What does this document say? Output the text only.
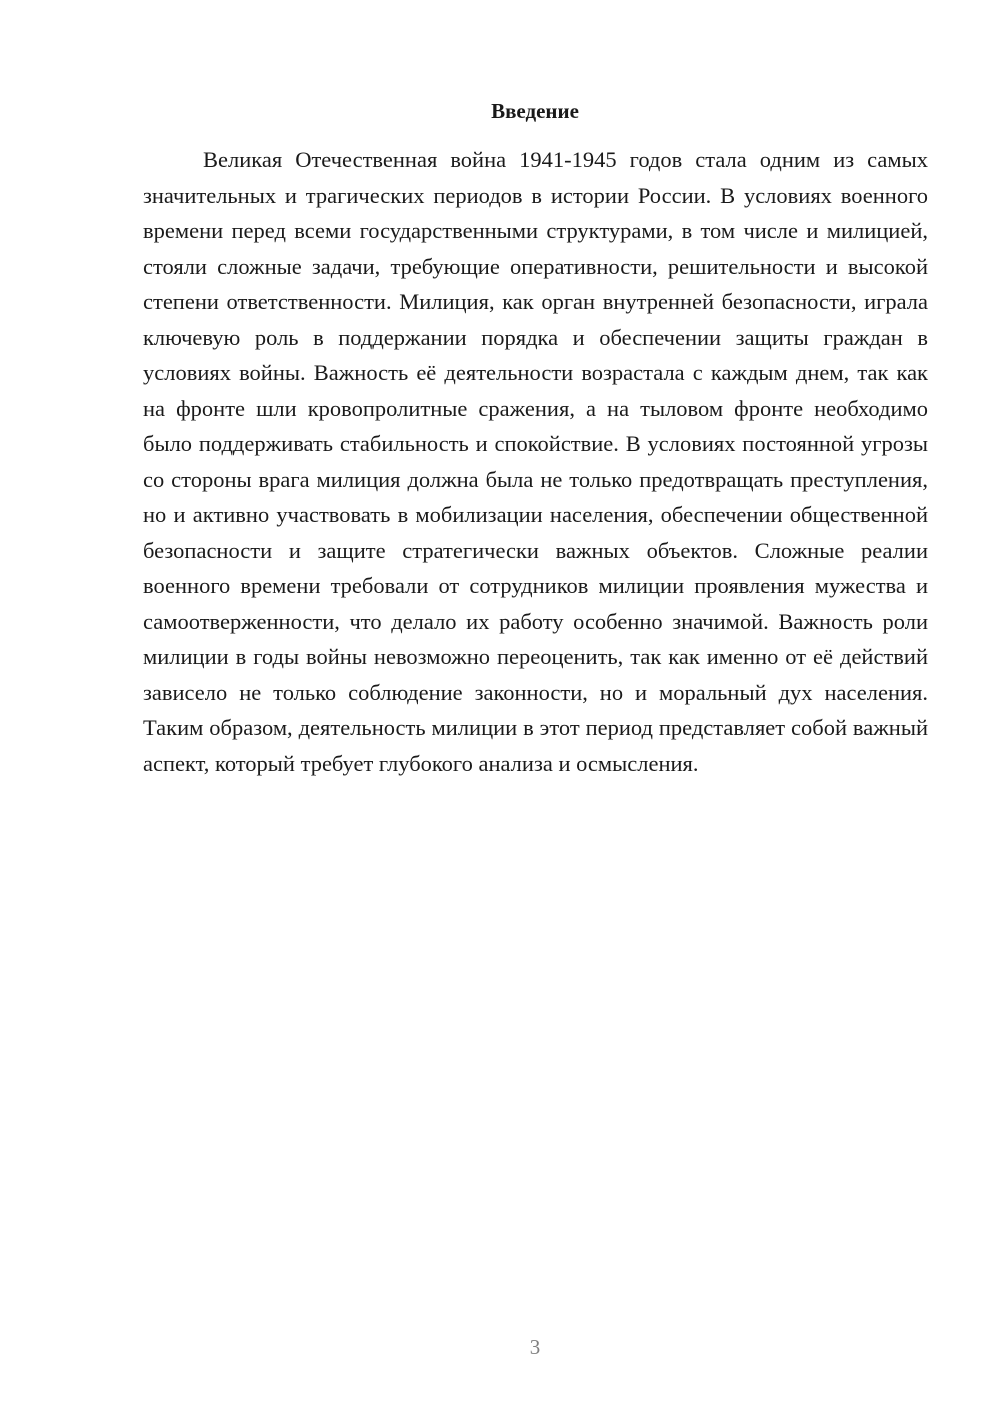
Введение

Великая Отечественная война 1941-1945 годов стала одним из самых значительных и трагических периодов в истории России. В условиях военного времени перед всеми государственными структурами, в том числе и милицией, стояли сложные задачи, требующие оперативности, решительности и высокой степени ответственности. Милиция, как орган внутренней безопасности, играла ключевую роль в поддержании порядка и обеспечении защиты граждан в условиях войны. Важность её деятельности возрастала с каждым днем, так как на фронте шли кровопролитные сражения, а на тыловом фронте необходимо было поддерживать стабильность и спокойствие. В условиях постоянной угрозы со стороны врага милиция должна была не только предотвращать преступления, но и активно участвовать в мобилизации населения, обеспечении общественной безопасности и защите стратегически важных объектов. Сложные реалии военного времени требовали от сотрудников милиции проявления мужества и самоотверженности, что делало их работу особенно значимой. Важность роли милиции в годы войны невозможно переоценить, так как именно от её действий зависело не только соблюдение законности, но и моральный дух населения. Таким образом, деятельность милиции в этот период представляет собой важный аспект, который требует глубокого анализа и осмысления.

3
